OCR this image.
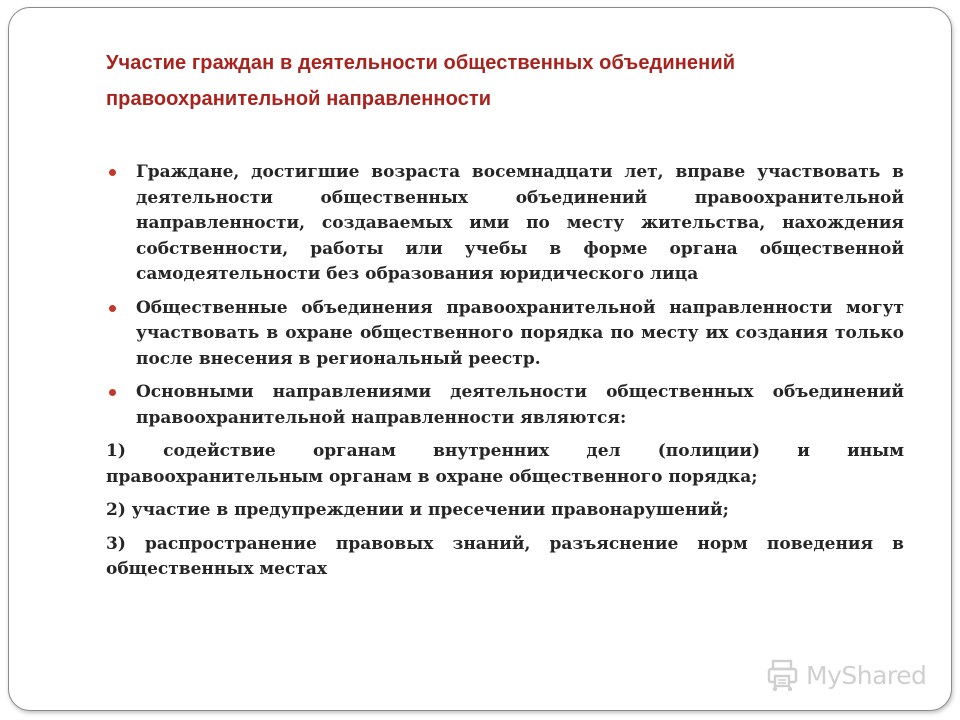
Участие граждан в деятельности общественных объединений правоохранительной направленности
Граждане, достигшие возраста восемнадцати лет, вправе участвовать в деятельности общественных объединений правоохранительной направленности, создаваемых ими по месту жительства, нахождения собственности, работы или учебы в форме органа общественной самодеятельности без образования юридического лица
Общественные объединения правоохранительной направленности могут участвовать в охране общественного порядка по месту их создания только после внесения в региональный реестр.
Основными направлениями деятельности общественных объединений правоохранительной направленности являются:

1) содействие органам внутренних дел (полиции) и иным правоохранительным органам в охране общественного порядка;

2) участие в предупреждении и пресечении правонарушений;

3) распространение правовых знаний, разъяснение норм поведения в общественных местах

MyShared
